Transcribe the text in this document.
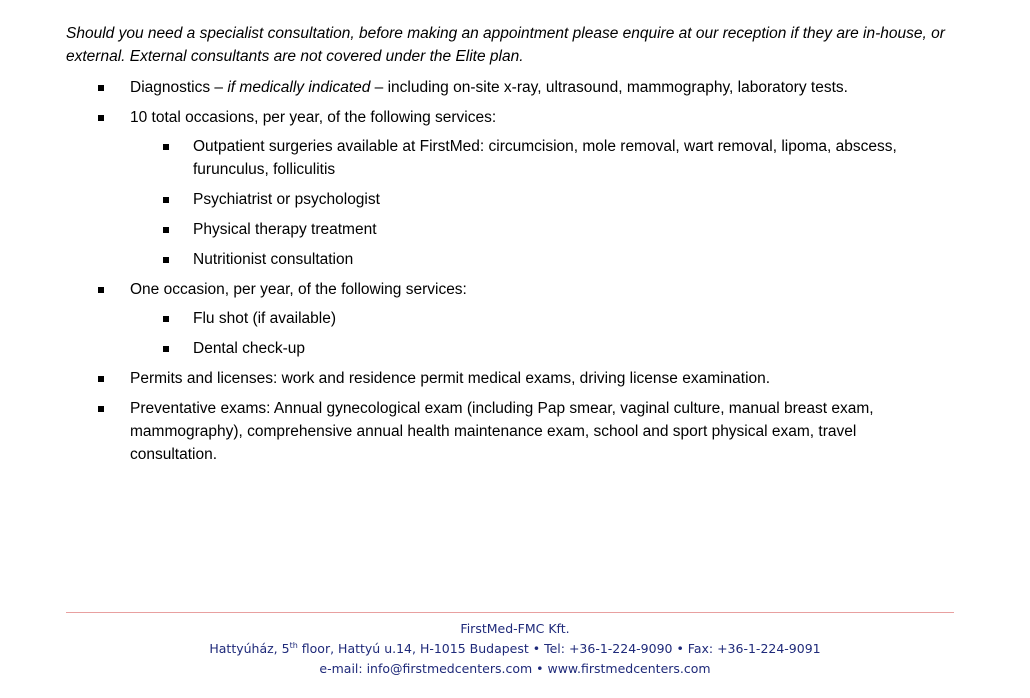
Should you need a specialist consultation, before making an appointment please enquire at our reception if they are in-house, or external. External consultants are not covered under the Elite plan.

Diagnostics – if medically indicated – including on-site x-ray, ultrasound, mammography, laboratory tests.
10 total occasions, per year, of the following services:
Outpatient surgeries available at FirstMed: circumcision, mole removal, wart removal, lipoma, abscess, furunculus, folliculitis
Psychiatrist or psychologist
Physical therapy treatment
Nutritionist consultation
One occasion, per year, of the following services:
Flu shot (if available)
Dental check-up
Permits and licenses: work and residence permit medical exams, driving license examination.
Preventative exams: Annual gynecological exam (including Pap smear, vaginal culture, manual breast exam, mammography), comprehensive annual health maintenance exam, school and sport physical exam, travel consultation.
FirstMed-FMC Kft.
Hattyúház, 5th floor, Hattyú u.14, H-1015 Budapest • Tel: +36-1-224-9090 • Fax: +36-1-224-9091
e-mail: info@firstmedcenters.com • www.firstmedcenters.com
